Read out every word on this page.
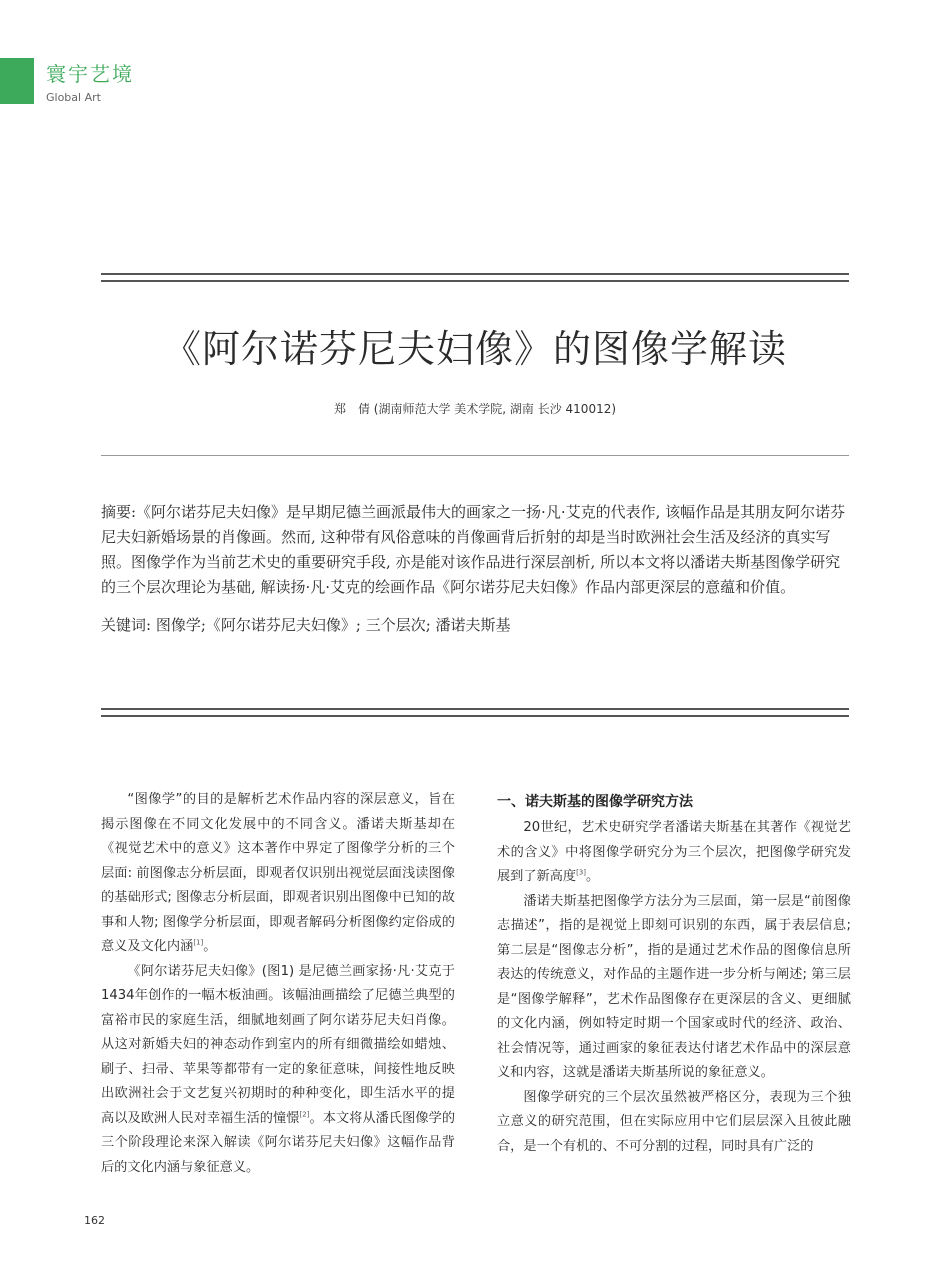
寰宇艺境
Global Art
《阿尔诺芬尼夫妇像》的图像学解读
郑　倩 (湖南师范大学 美术学院, 湖南 长沙 410012)

摘要:《阿尔诺芬尼夫妇像》是早期尼德兰画派最伟大的画家之一扬·凡·艾克的代表作, 该幅作品是其朋友阿尔诺芬尼夫妇新婚场景的肖像画。然而, 这种带有风俗意味的肖像画背后折射的却是当时欧洲社会生活及经济的真实写照。图像学作为当前艺术史的重要研究手段, 亦是能对该作品进行深层剖析, 所以本文将以潘诺夫斯基图像学研究的三个层次理论为基础, 解读扬·凡·艾克的绘画作品《阿尔诺芬尼夫妇像》作品内部更深层的意蕴和价值。

关键词: 图像学;《阿尔诺芬尼夫妇像》; 三个层次; 潘诺夫斯基

“图像学”的目的是解析艺术作品内容的深层意义，旨在揭示图像在不同文化发展中的不同含义。潘诺夫斯基却在《视觉艺术中的意义》这本著作中界定了图像学分析的三个层面: 前图像志分析层面，即观者仅识别出视觉层面浅读图像的基础形式; 图像志分析层面，即观者识别出图像中已知的故事和人物; 图像学分析层面，即观者解码分析图像约定俗成的意义及文化内涵[1]。

《阿尔诺芬尼夫妇像》(图1) 是尼德兰画家扬·凡·艾克于1434年创作的一幅木板油画。该幅油画描绘了尼德兰典型的富裕市民的家庭生活，细腻地刻画了阿尔诺芬尼夫妇肖像。从这对新婚夫妇的神态动作到室内的所有细微描绘如蜡烛、刷子、扫帚、苹果等都带有一定的象征意味，间接性地反映出欧洲社会于文艺复兴初期时的种种变化，即生活水平的提高以及欧洲人民对幸福生活的憧憬[2]。本文将从潘氏图像学的三个阶段理论来深入解读《阿尔诺芬尼夫妇像》这幅作品背后的文化内涵与象征意义。

一、诺夫斯基的图像学研究方法

20世纪，艺术史研究学者潘诺夫斯基在其著作《视觉艺术的含义》中将图像学研究分为三个层次，把图像学研究发展到了新高度[3]。

潘诺夫斯基把图像学方法分为三层面，第一层是“前图像志描述”，指的是视觉上即刻可识别的东西，属于表层信息; 第二层是“图像志分析”，指的是通过艺术作品的图像信息所表达的传统意义，对作品的主题作进一步分析与阐述; 第三层是“图像学解释”，艺术作品图像存在更深层的含义、更细腻的文化内涵，例如特定时期一个国家或时代的经济、政治、社会情况等，通过画家的象征表达付诸艺术作品中的深层意义和内容，这就是潘诺夫斯基所说的象征意义。

图像学研究的三个层次虽然被严格区分，表现为三个独立意义的研究范围，但在实际应用中它们层层深入且彼此融合，是一个有机的、不可分割的过程，同时具有广泛的

162
